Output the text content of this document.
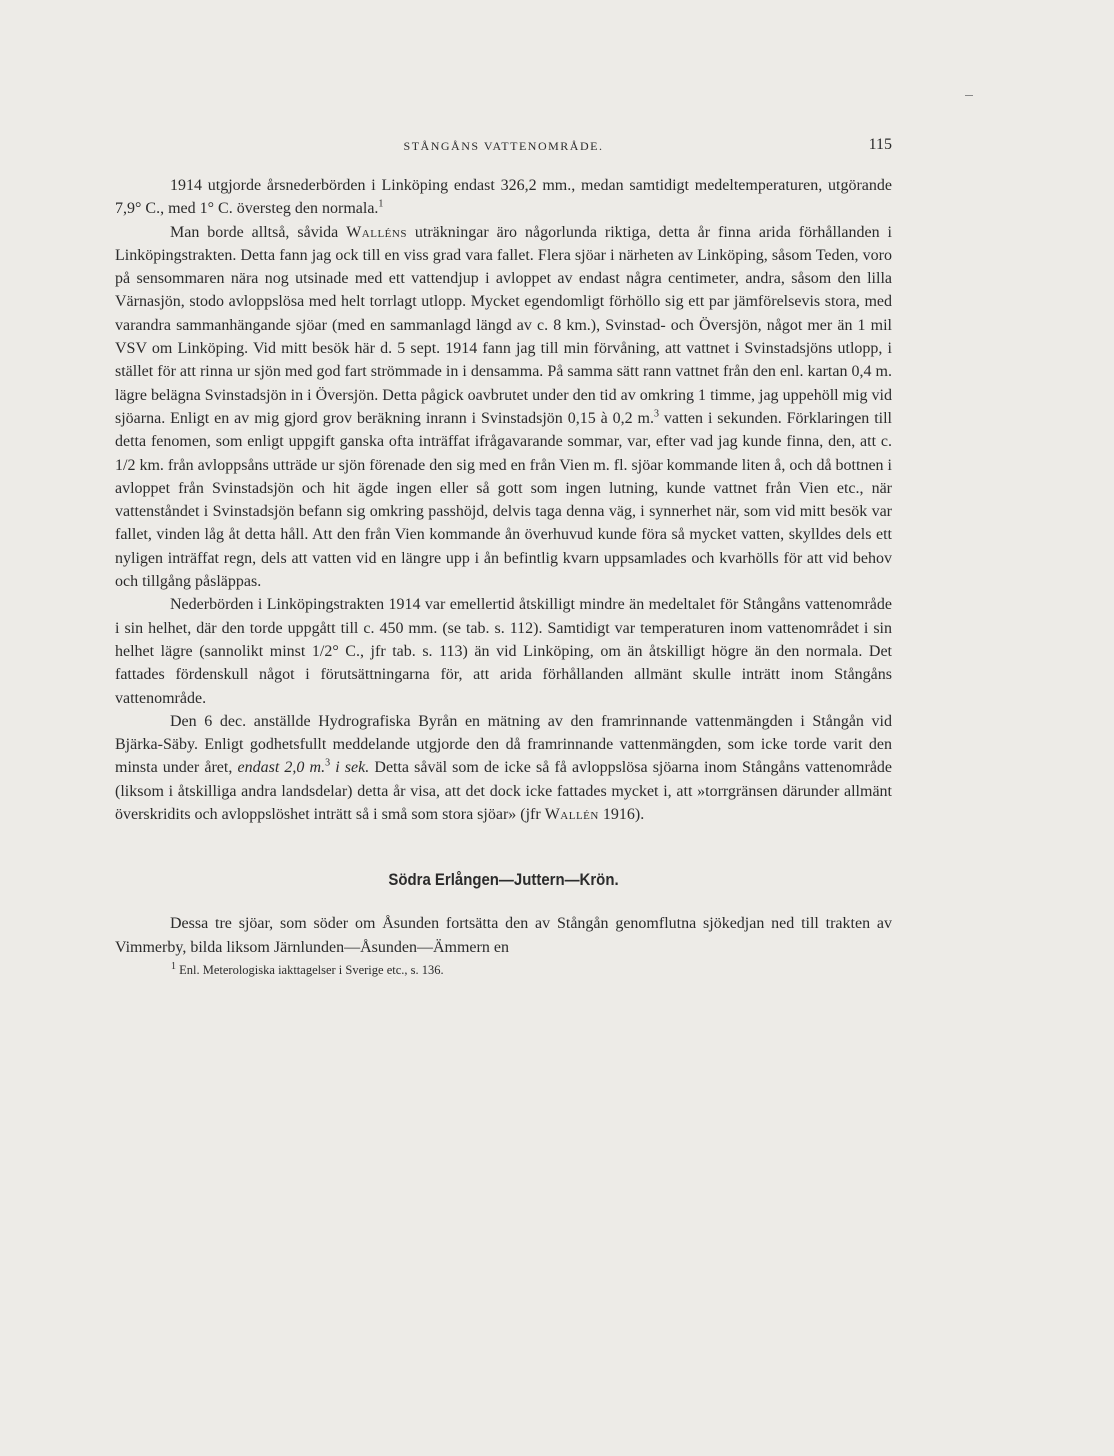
STÅNGÅNS VATTENOMRÅDE.	115

1914 utgjorde årsnederbörden i Linköping endast 326,2 mm., medan samtidigt medeltemperaturen, utgörande 7,9° C., med 1° C. översteg den normala.$^1$

Man borde alltså, såvida Walléns uträkningar äro någorlunda riktiga, detta år finna arida förhållanden i Linköpingstrakten. Detta fann jag ock till en viss grad vara fallet. Flera sjöar i närheten av Linköping, såsom Teden, voro på sensommaren nära nog utsinade med ett vattendjup i avloppet av endast några centimeter, andra, såsom den lilla Värnasjön, stodo avloppslösa med helt torrlagt utlopp. Mycket egendomligt förhöllo sig ett par jämförelsevis stora, med varandra sammanhängande sjöar (med en sammanlagd längd av c. 8 km.), Svinstad- och Översjön, något mer än 1 mil VSV om Linköping. Vid mitt besök här d. 5 sept. 1914 fann jag till min förvåning, att vattnet i Svinstadsjöns utlopp, i stället för att rinna ur sjön med god fart strömmade in i densamma. På samma sätt rann vattnet från den enl. kartan 0,4 m. lägre belägna Svinstadsjön in i Översjön. Detta pågick oavbrutet under den tid av omkring 1 timme, jag uppehöll mig vid sjöarna. Enligt en av mig gjord grov beräkning inrann i Svinstadsjön 0,15 à 0,2 m.$^3$ vatten i sekunden. Förklaringen till detta fenomen, som enligt uppgift ganska ofta inträffat ifrågavarande sommar, var, efter vad jag kunde finna, den, att c. 1/2 km. från avloppsåns utträde ur sjön förenade den sig med en från Vien m. fl. sjöar kommande liten å, och då bottnen i avloppet från Svinstadsjön och hit ägde ingen eller så gott som ingen lutning, kunde vattnet från Vien etc., när vattenståndet i Svinstadsjön befann sig omkring passhöjd, delvis taga denna väg, i synnerhet när, som vid mitt besök var fallet, vinden låg åt detta håll. Att den från Vien kommande ån överhuvud kunde föra så mycket vatten, skylldes dels ett nyligen inträffat regn, dels att vatten vid en längre upp i ån befintlig kvarn uppsamlades och kvarhölls för att vid behov och tillgång påsläppas.

Nederbörden i Linköpingstrakten 1914 var emellertid åtskilligt mindre än medeltalet för Stångåns vattenområde i sin helhet, där den torde uppgått till c. 450 mm. (se tab. s. 112). Samtidigt var temperaturen inom vattenområdet i sin helhet lägre (sannolikt minst 1/2° C., jfr tab. s. 113) än vid Linköping, om än åtskilligt högre än den normala. Det fattades fördenskull något i förutsättningarna för, att arida förhållanden allmänt skulle inträtt inom Stångåns vattenområde.

Den 6 dec. anställde Hydrografiska Byrån en mätning av den framrinnande vattenmängden i Stångån vid Bjärka-Säby. Enligt godhetsfullt meddelande utgjorde den då framrinnande vattenmängden, som icke torde varit den minsta under året, endast 2,0 m.$^3$ i sek. Detta såväl som de icke så få avloppslösa sjöarna inom Stångåns vattenområde (liksom i åtskilliga andra landsdelar) detta år visa, att det dock icke fattades mycket i, att »torrgränsen därunder allmänt överskridits och avloppslöshet inträtt så i små som stora sjöar» (jfr Wallén 1916).

Södra Erlången—Juttern—Krön.

Dessa tre sjöar, som söder om Åsunden fortsätta den av Stångån genomflutna sjökedjan ned till trakten av Vimmerby, bilda liksom Järnlunden—Åsunden—Ämmern en

$^1$ Enl. Meterologiska iakttagelser i Sverige etc., s. 136.
